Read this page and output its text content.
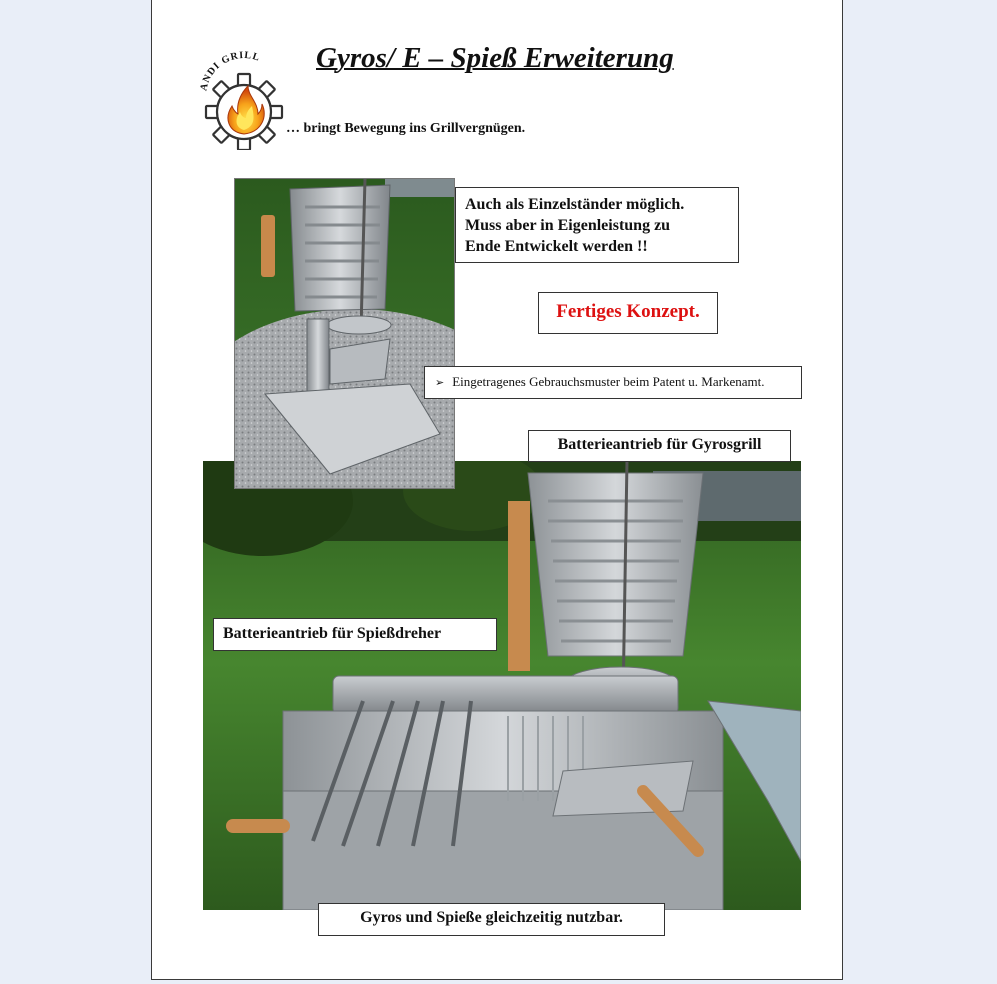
ANDI GRILL Gyros/ E – Spieß Erweiterung
… bringt Bewegung ins Grillvergnügen.
Auch als Einzelständer möglich.
Muss aber in Eigenleistung zu
Ende Entwickelt werden !!
Fertiges Konzept.
➢ Eingetragenes Gebrauchsmuster beim Patent u. Markenamt.
Batterieantrieb für Gyrosgrill
Batterieantrieb für Spießdreher
Gyros und Spieße gleichzeitig nutzbar.
